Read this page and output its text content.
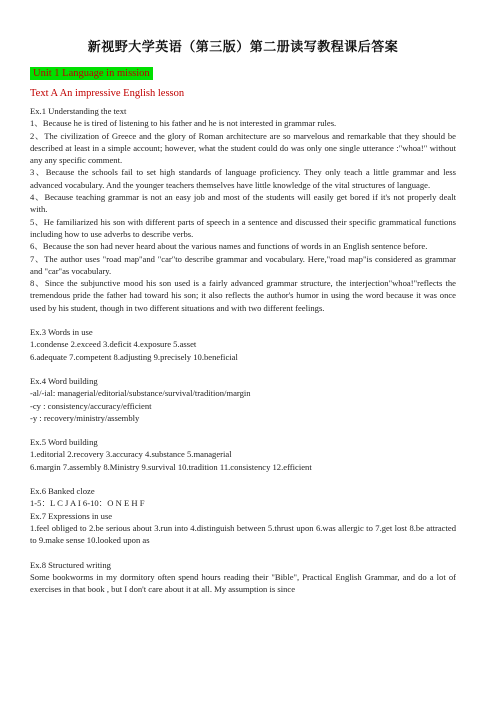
新视野大学英语（第三版）第二册读写教程课后答案
Unit 1 Language in mission
Text A An impressive English lesson

Ex.1 Understanding the text

1、Because he is tired of listening to his father and he is not interested in grammar rules.

2、The civilization of Greece and the glory of Roman architecture are so marvelous and remarkable that they should be described at least in a simple account; however, what the student could do was only one single utterance :"whoa!" without any any specific comment.

3、Because the schools fail to set high standards of language proficiency. They only teach a little grammar and less advanced vocabulary. And the younger teachers themselves have little knowledge of the vital structures of language.

4、Because teaching grammar is not an easy job and most of the students will easily get bored if it's not properly dealt with.

5、He familiarized his son with different parts of speech in a sentence and discussed their specific grammatical functions including how to use adverbs to describe verbs.

6、Because the son had never heard about the various names and functions of words in an English sentence before.

7、The author uses "road map"and "car"to describe grammar and vocabulary. Here,"road map"is considered as grammar and "car"as vocabulary.

8、Since the subjunctive mood his son used is a fairly advanced grammar structure, the interjection"whoa!"reflects the tremendous pride the father had toward his son; it also reflects the author's humor in using the word because it was once used by his student, though in two different situations and with two different feelings.

Ex.3 Words in use

1.condense 2.exceed 3.deficit 4.exposure 5.asset

6.adequate 7.competent 8.adjusting 9.precisely 10.beneficial

Ex.4 Word building

-al/-ial: managerial/editorial/substance/survival/tradition/margin

-cy : consistency/accuracy/efficient

-y : recovery/ministry/assembly

Ex.5 Word building

1.editorial 2.recovery 3.accuracy 4.substance 5.managerial

6.margin 7.assembly 8.Ministry 9.survival 10.tradition 11.consistency 12.efficient

Ex.6 Banked cloze

1-5：L C J A I 6-10：O N E H F

Ex.7 Expressions in use

1.feel obliged to 2.be serious about 3.run into 4.distinguish between 5.thrust upon 6.was allergic to 7.get lost 8.be attracted to 9.make sense 10.looked upon as

Ex.8 Structured writing

Some bookworms in my dormitory often spend hours reading their "Bible", Practical English Grammar, and do a lot of exercises in that book , but I don't care about it at all. My assumption is since
